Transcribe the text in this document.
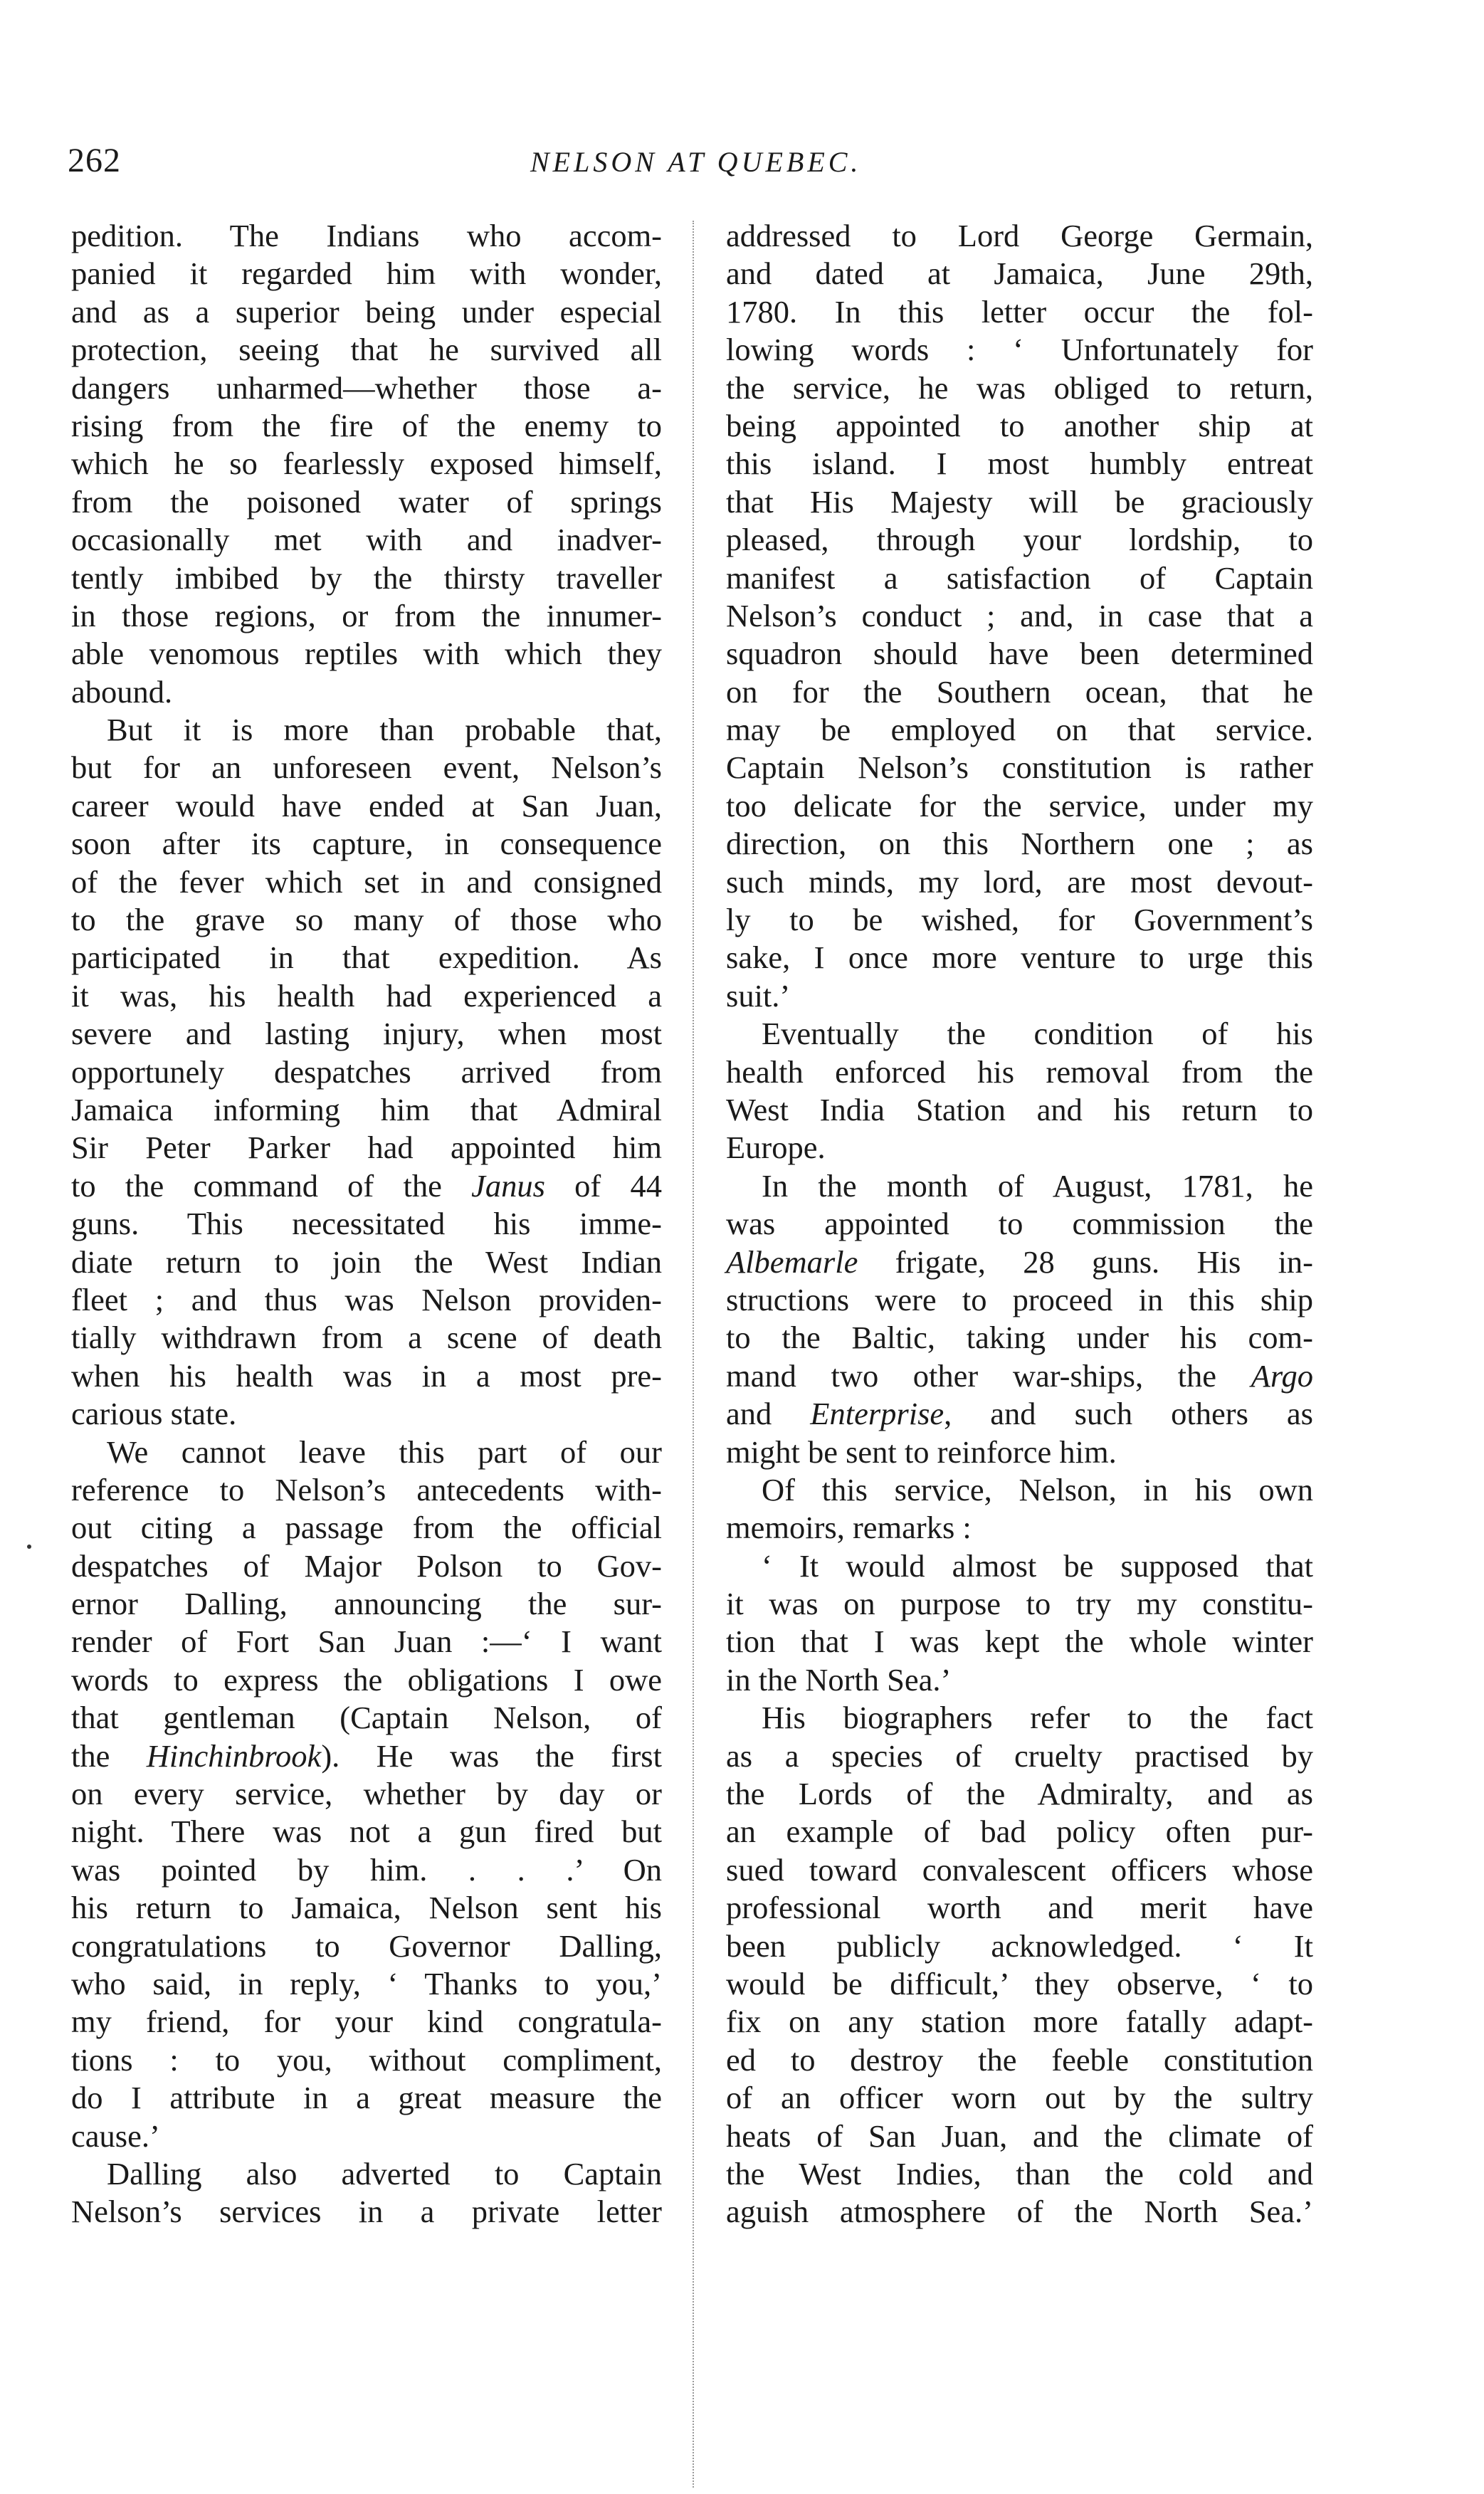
262	NELSON AT QUEBEC.
pedition. The Indians who accom-
panied it regarded him with wonder,
and as a superior being under especial
protection, seeing that he survived all
dangers unharmed—whether those a-
rising from the fire of the enemy to
which he so fearlessly exposed himself,
from the poisoned water of springs
occasionally met with and inadver-
tently imbibed by the thirsty traveller
in those regions, or from the innumer-
able venomous reptiles with which they
abound.
But it is more than probable that,
but for an unforeseen event, Nelson’s
career would have ended at San Juan,
soon after its capture, in consequence
of the fever which set in and consigned
to the grave so many of those who
participated in that expedition. As
it was, his health had experienced a
severe and lasting injury, when most
opportunely despatches arrived from
Jamaica informing him that Admiral
Sir Peter Parker had appointed him
to the command of the Janus of 44
guns. This necessitated his imme-
diate return to join the West Indian
fleet ; and thus was Nelson providen-
tially withdrawn from a scene of death
when his health was in a most pre-
carious state.
We cannot leave this part of our
reference to Nelson’s antecedents with-
out citing a passage from the official
despatches of Major Polson to Gov-
ernor Dalling, announcing the sur-
render of Fort San Juan :—‘ I want
words to express the obligations I owe
that gentleman (Captain Nelson, of
the Hinchinbrook). He was the first
on every service, whether by day or
night. There was not a gun fired but
was pointed by him. . . .’ On
his return to Jamaica, Nelson sent his
congratulations to Governor Dalling,
who said, in reply, ‘ Thanks to you,’
my friend, for your kind congratula-
tions : to you, without compliment,
do I attribute in a great measure the
cause.’
Dalling also adverted to Captain
Nelson’s services in a private letter
addressed to Lord George Germain,
and dated at Jamaica, June 29th,
1780. In this letter occur the fol-
lowing words : ‘ Unfortunately for
the service, he was obliged to return,
being appointed to another ship at
this island. I most humbly entreat
that His Majesty will be graciously
pleased, through your lordship, to
manifest a satisfaction of Captain
Nelson’s conduct ; and, in case that a
squadron should have been determined
on for the Southern ocean, that he
may be employed on that service.
Captain Nelson’s constitution is rather
too delicate for the service, under my
direction, on this Northern one ; as
such minds, my lord, are most devout-
ly to be wished, for Government’s
sake, I once more venture to urge this
suit.’
Eventually the condition of his
health enforced his removal from the
West India Station and his return to
Europe.
In the month of August, 1781, he
was appointed to commission the
Albemarle frigate, 28 guns. His in-
structions were to proceed in this ship
to the Baltic, taking under his com-
mand two other war-ships, the Argo
and Enterprise, and such others as
might be sent to reinforce him.
Of this service, Nelson, in his own
memoirs, remarks :
‘ It would almost be supposed that
it was on purpose to try my constitu-
tion that I was kept the whole winter
in the North Sea.’
His biographers refer to the fact
as a species of cruelty practised by
the Lords of the Admiralty, and as
an example of bad policy often pur-
sued toward convalescent officers whose
professional worth and merit have
been publicly acknowledged. ‘ It
would be difficult,’ they observe, ‘ to
fix on any station more fatally adapt-
ed to destroy the feeble constitution
of an officer worn out by the sultry
heats of San Juan, and the climate of
the West Indies, than the cold and
aguish atmosphere of the North Sea.’
